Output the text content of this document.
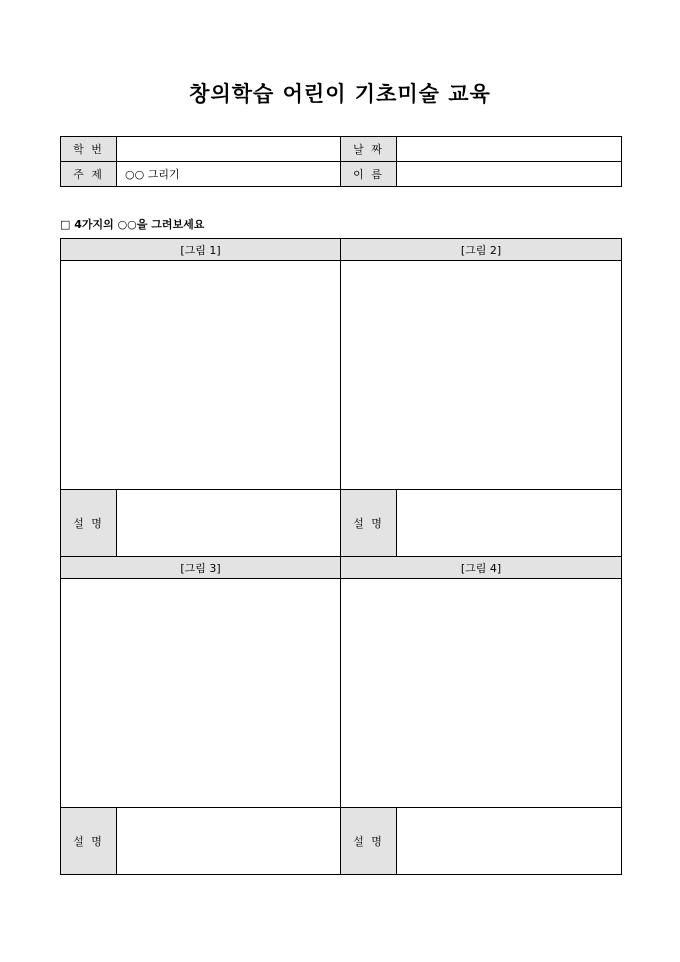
창의학습 어린이 기초미술 교육
학 번		날 짜	
주 제	○○ 그리기	이 름	
□ 4가지의 ○○을 그려보세요
[그림 1]		[그림 2]	

설 명		설 명	
[그림 3]		[그림 4]	

설 명		설 명	
